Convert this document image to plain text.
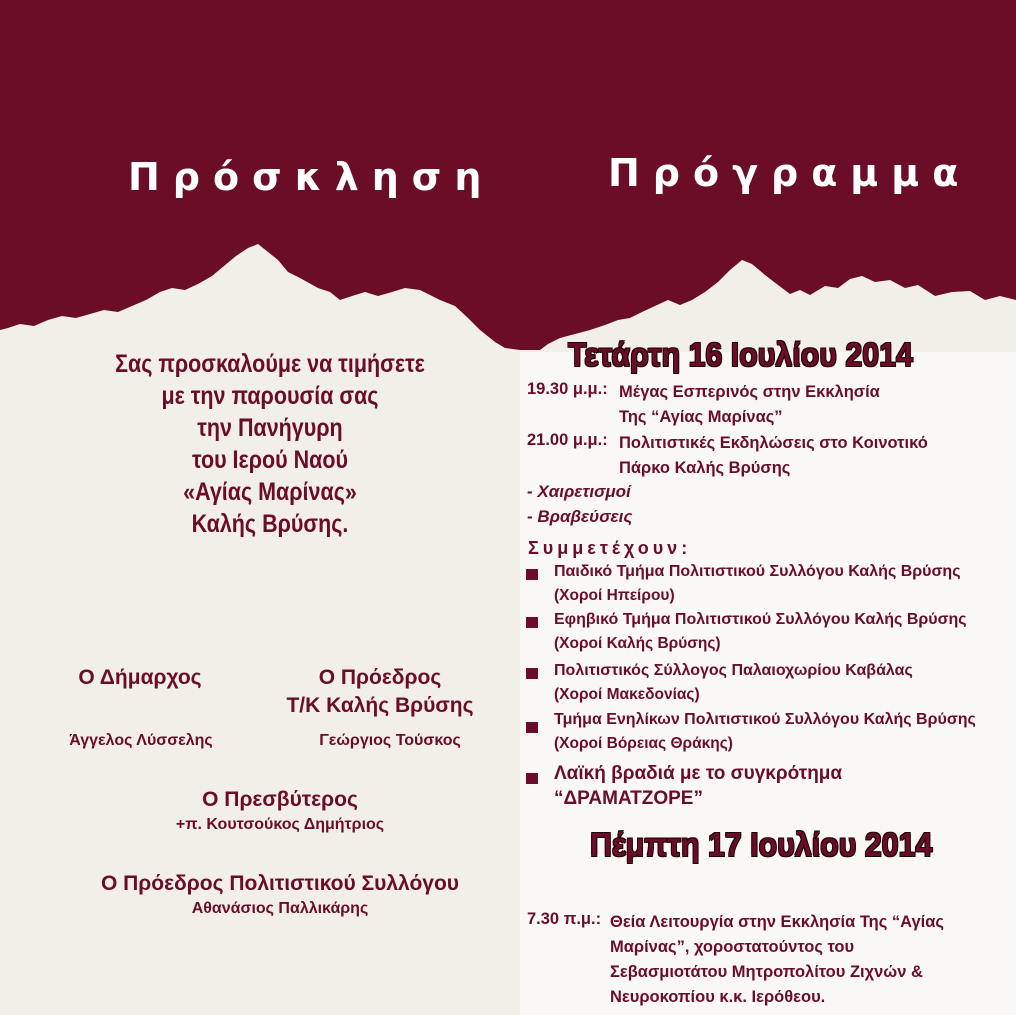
Πρόσκληση	Πρόγραμμα
Σας προσκαλούμε να τιμήσετε
με την παρουσία σας
την Πανήγυρη
του Ιερού Ναού
«Αγίας Μαρίνας»
Καλής Βρύσης.
Ο Δήμαρχος
Άγγελος Λύσσελης
Ο Πρόεδρος
Τ/Κ Καλής Βρύσης
Γεώργιος Τούσκος
Ο Πρεσβύτερος
+π. Κουτσούκος Δημήτριος
Ο Πρόεδρος Πολιτιστικού Συλλόγου
Αθανάσιος Παλλικάρης
Τετάρτη 16 Ιουλίου 2014
19.30 μ.μ.: Μέγας Εσπερινός στην Εκκλησία
Της “Αγίας Μαρίνας”
21.00 μ.μ.: Πολιτιστικές Εκδηλώσεις στο Κοινοτικό
Πάρκο Καλής Βρύσης
- Χαιρετισμοί
- Βραβεύσεις
Συμμετέχουν:
Παιδικό Τμήμα Πολιτιστικού Συλλόγου Καλής Βρύσης
(Χοροί Ηπείρου)
Εφηβικό Τμήμα Πολιτιστικού Συλλόγου Καλής Βρύσης
(Χοροί Καλής Βρύσης)
Πολιτιστικός Σύλλογος Παλαιοχωρίου Καβάλας
(Χοροί Μακεδονίας)
Τμήμα Ενηλίκων Πολιτιστικού Συλλόγου Καλής Βρύσης
(Χοροί Βόρειας Θράκης)
Λαϊκή βραδιά με το συγκρότημα
“ΔΡΑΜΑΤΖΟΡΕ”
Πέμπτη 17 Ιουλίου 2014
7.30 π.μ.: Θεία Λειτουργία στην Εκκλησία Της “Αγίας
Μαρίνας”, χοροστατούντος του
Σεβασμιοτάτου Μητροπολίτου Ζιχνών &
Νευροκοπίου κ.κ. Ιερόθεου.
